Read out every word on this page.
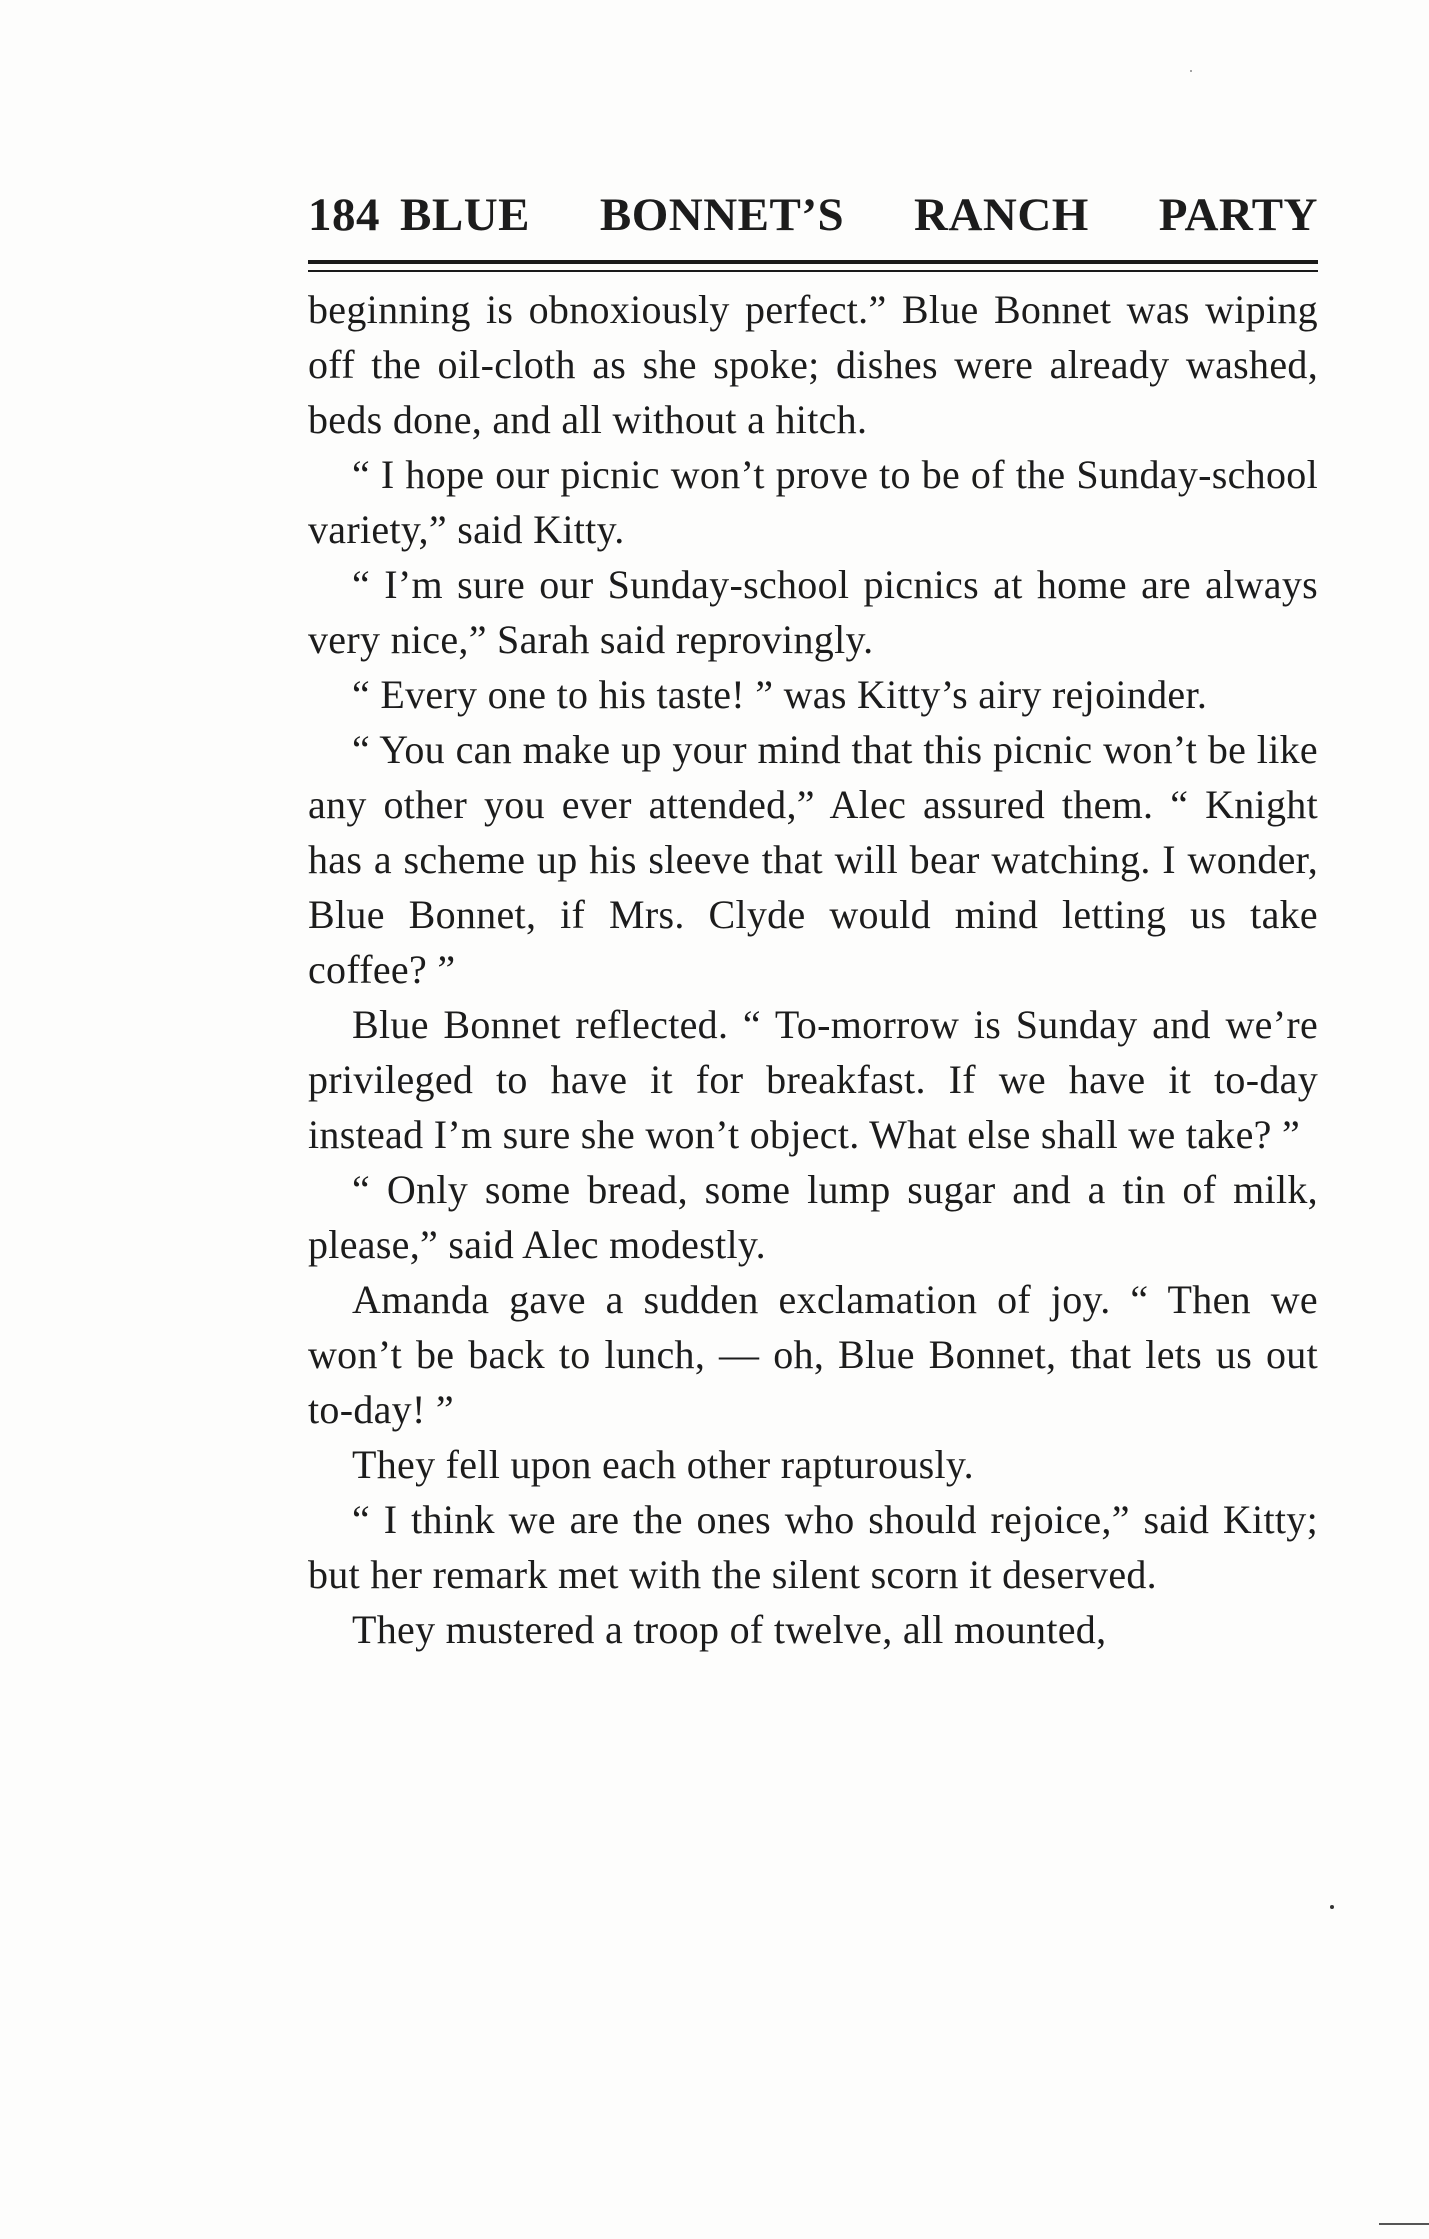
184 BLUE BONNET’S RANCH PARTY

beginning is obnoxiously perfect.” Blue Bonnet was wiping off the oil-cloth as she spoke; dishes were already washed, beds done, and all without a hitch.

“ I hope our picnic won’t prove to be of the Sunday-school variety,” said Kitty.

“ I’m sure our Sunday-school picnics at home are always very nice,” Sarah said reprovingly.

“ Every one to his taste! ” was Kitty’s airy rejoinder.

“ You can make up your mind that this picnic won’t be like any other you ever attended,” Alec assured them. “ Knight has a scheme up his sleeve that will bear watching. I wonder, Blue Bonnet, if Mrs. Clyde would mind letting us take coffee? ”

Blue Bonnet reflected. “ To-morrow is Sunday and we’re privileged to have it for breakfast. If we have it to-day instead I’m sure she won’t object. What else shall we take? ”

“ Only some bread, some lump sugar and a tin of milk, please,” said Alec modestly.

Amanda gave a sudden exclamation of joy. “ Then we won’t be back to lunch, — oh, Blue Bonnet, that lets us out to-day! ”

They fell upon each other rapturously.

“ I think we are the ones who should rejoice,” said Kitty; but her remark met with the silent scorn it deserved.

They mustered a troop of twelve, all mounted,
